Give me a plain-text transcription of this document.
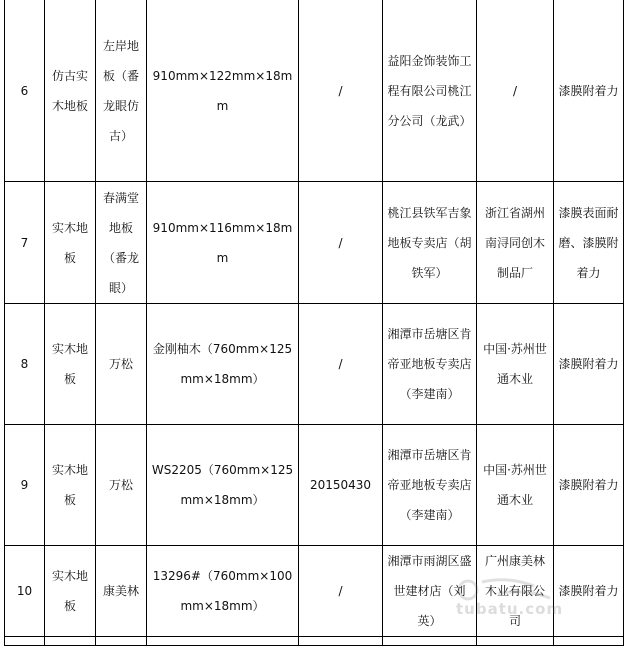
6	仿古实木地板	左岸地板（番龙眼仿古）	910mm×122mm×18mm	/	益阳金饰装饰工程有限公司桃江分公司（龙武）	/	漆膜附着力
7	实木地板	春满堂地板（番龙眼）	910mm×116mm×18mm	/	桃江县铁军吉象地板专卖店（胡铁军）	浙江省湖州南浔同创木制品厂	漆膜表面耐磨、漆膜附着力
8	实木地板	万松	金刚柚木（760mm×125mm×18mm）	/	湘潭市岳塘区肯帝亚地板专卖店（李建南）	中国·苏州世通木业	漆膜附着力
9	实木地板	万松	WS2205（760mm×125mm×18mm）	20150430	湘潭市岳塘区肯帝亚地板专卖店（李建南）	中国·苏州世通木业	漆膜附着力
10	实木地板	康美林	13296#（760mm×100mm×18mm）	/	湘潭市雨湖区盛世建材店（刘英）	广州康美林木业有限公司	漆膜附着力

tubatu.com
